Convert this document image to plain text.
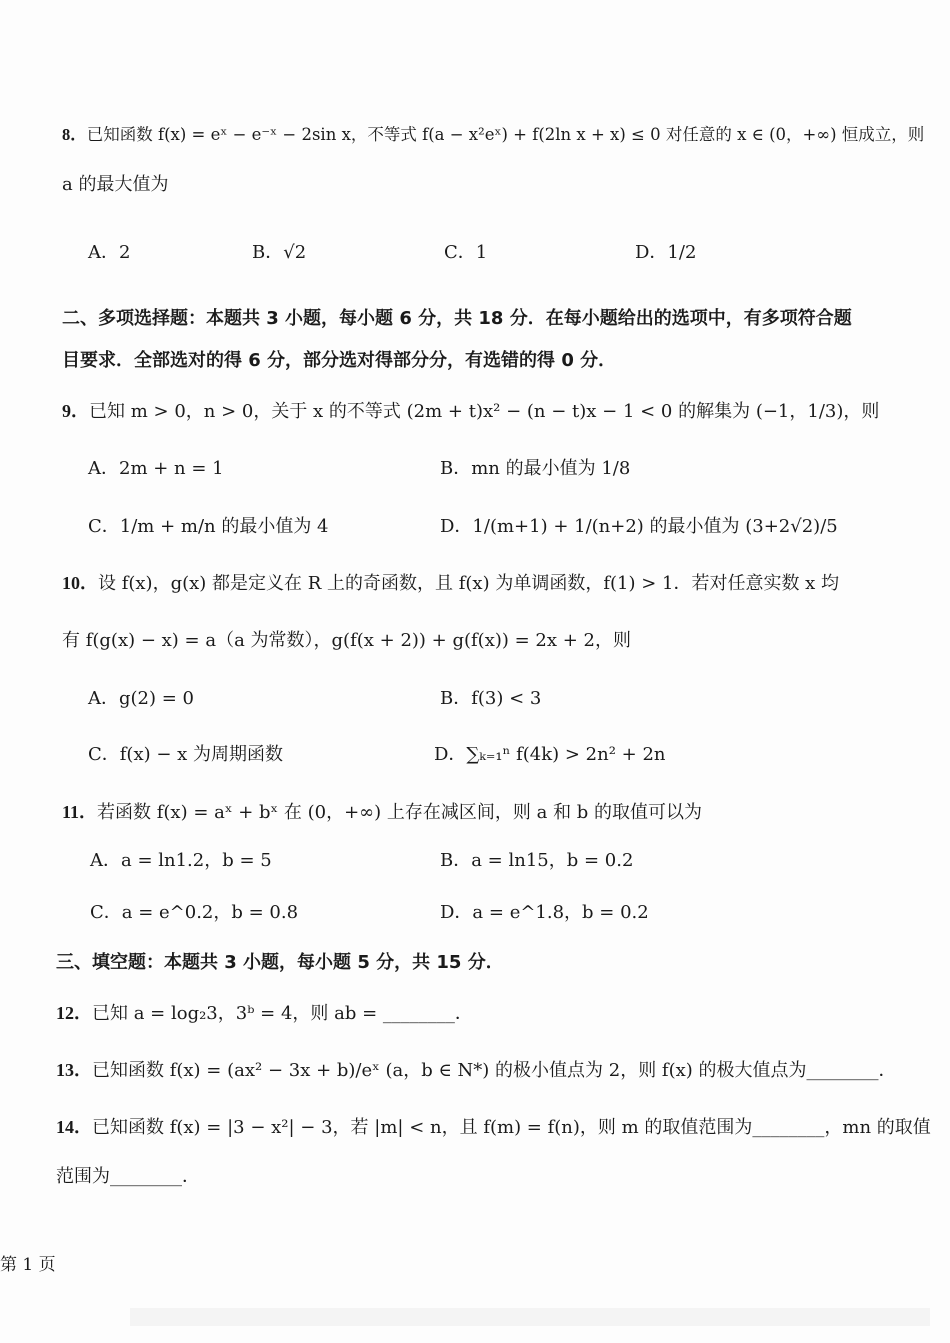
8．已知函数 f(x) = eˣ − e⁻ˣ − 2sin x，不等式 f(a − x²eˣ) + f(2ln x + x) ≤ 0 对任意的 x ∈ (0，+∞) 恒成立，则
a 的最大值为
A．2	B．√2	C．1	D．1/2
二、多项选择题：本题共 3 小题，每小题 6 分，共 18 分．在每小题给出的选项中，有多项符合题
目要求．全部选对的得 6 分，部分选对得部分分，有选错的得 0 分．
9．已知 m > 0，n > 0，关于 x 的不等式 (2m + t)x² − (n − t)x − 1 < 0 的解集为 (−1，1/3)，则
A．2m + n = 1	B．mn 的最小值为 1/8
C．1/m + m/n 的最小值为 4	D．1/(m+1) + 1/(n+2) 的最小值为 (3+2√2)/5
10．设 f(x)，g(x) 都是定义在 R 上的奇函数，且 f(x) 为单调函数，f(1) > 1．若对任意实数 x 均
有 f(g(x) − x) = a（a 为常数），g(f(x + 2)) + g(f(x)) = 2x + 2，则
A．g(2) = 0	B．f(3) < 3
C．f(x) − x 为周期函数	D．∑ₖ₌₁ⁿ f(4k) > 2n² + 2n
11．若函数 f(x) = aˣ + bˣ 在 (0，+∞) 上存在减区间，则 a 和 b 的取值可以为
A．a = ln1.2，b = 5	B．a = ln15，b = 0.2
C．a = e^0.2，b = 0.8	D．a = e^1.8，b = 0.2
三、填空题：本题共 3 小题，每小题 5 分，共 15 分．
12．已知 a = log₂3，3ᵇ = 4，则 ab = ________．
13．已知函数 f(x) = (ax² − 3x + b)/eˣ (a，b ∈ N*) 的极小值点为 2，则 f(x) 的极大值点为________．
14．已知函数 f(x) = |3 − x²| − 3，若 |m| < n，且 f(m) = f(n)，则 m 的取值范围为________，mn 的取值
范围为________．
第 1 页
